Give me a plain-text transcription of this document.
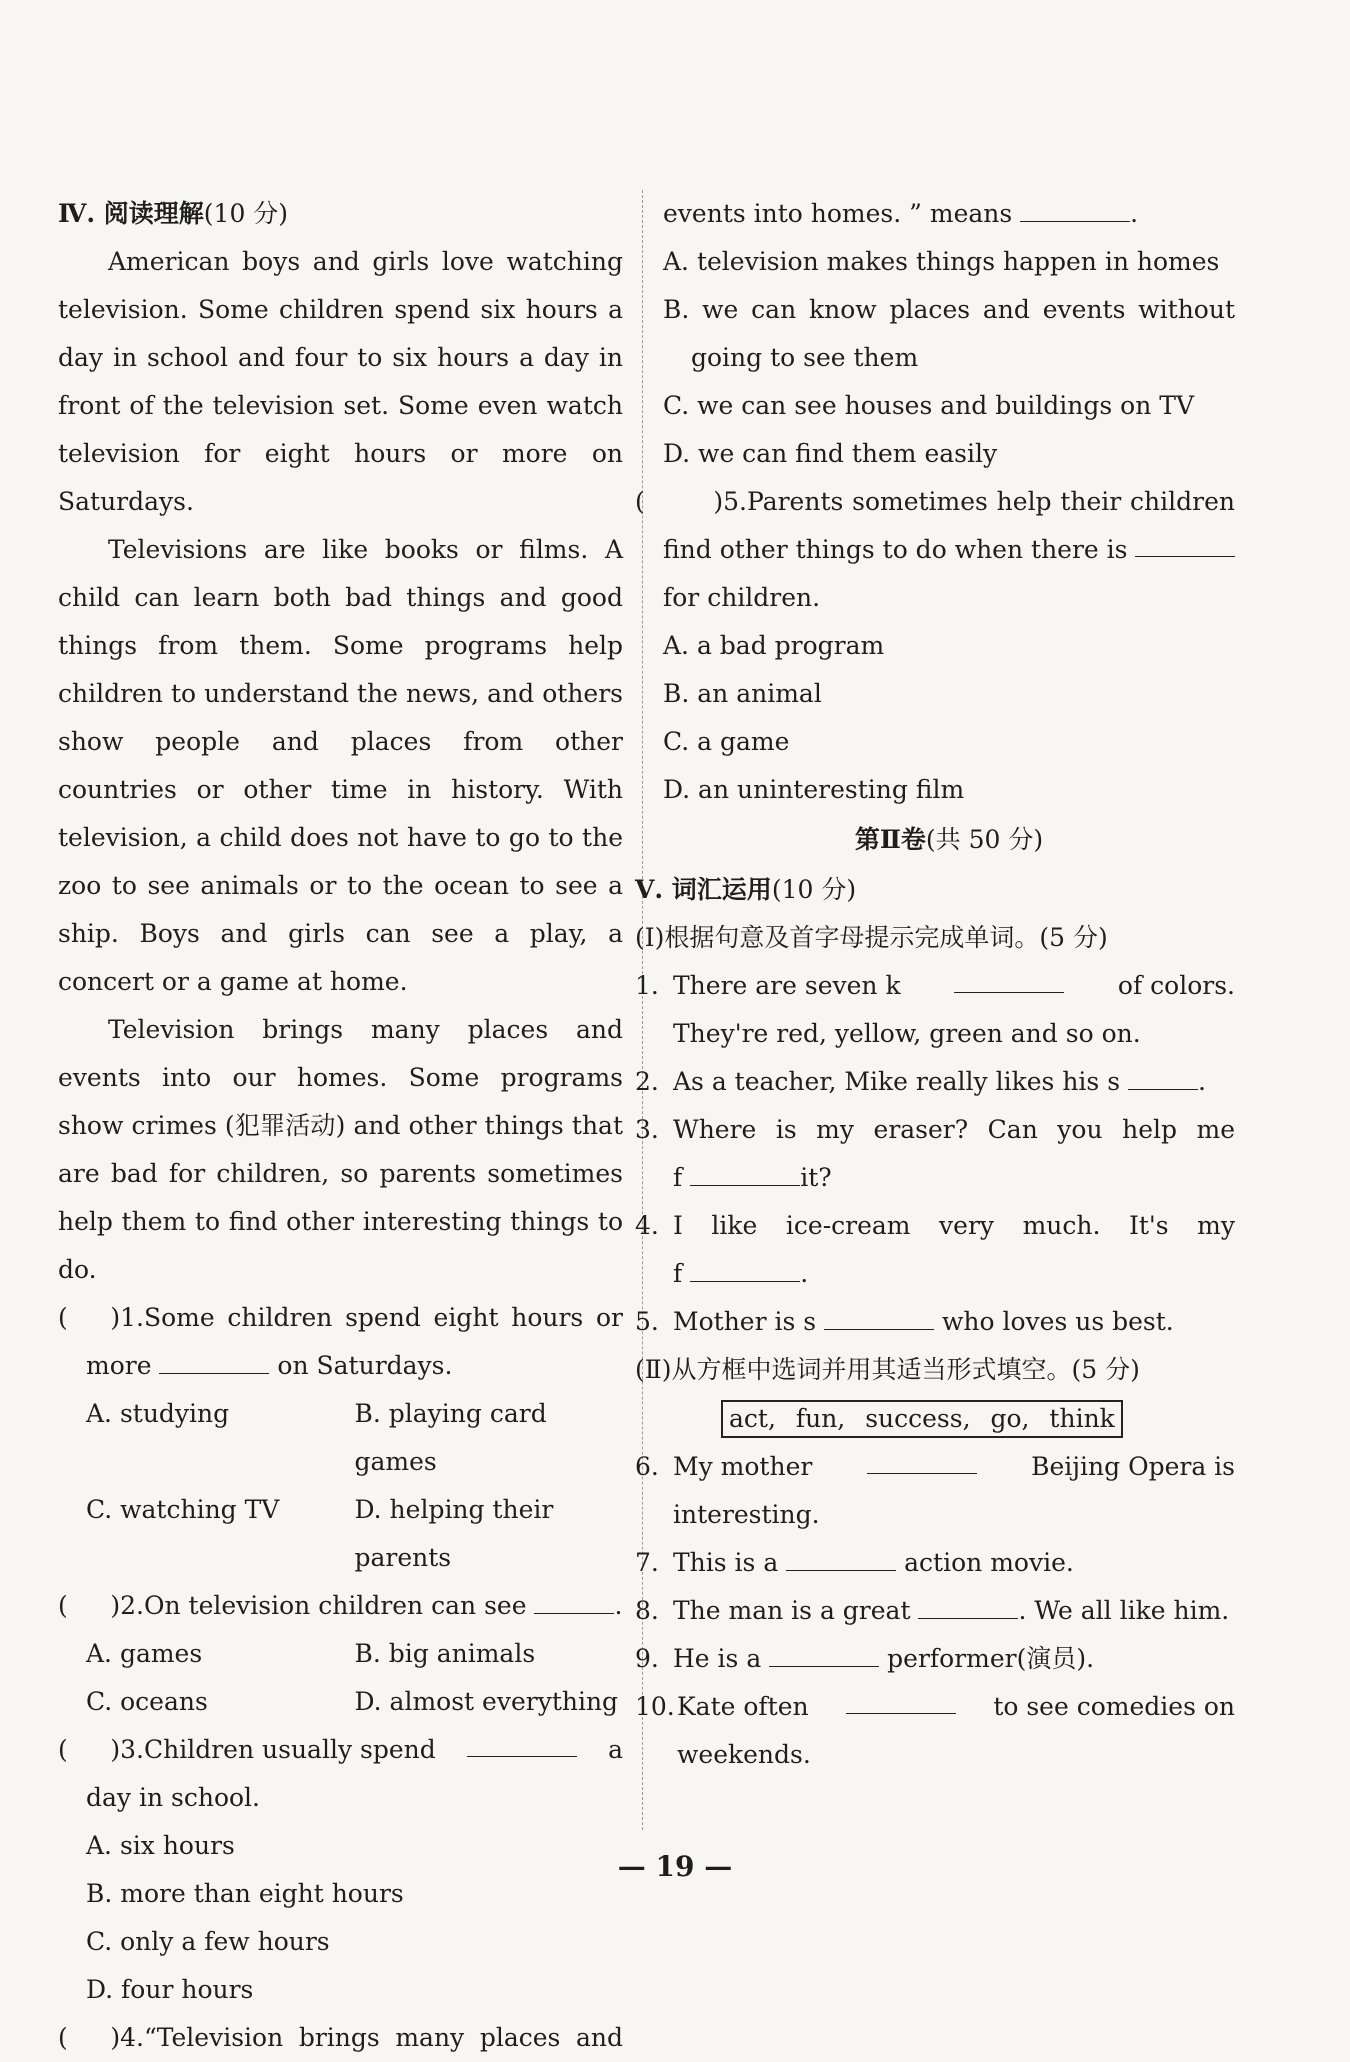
Ⅳ. 阅读理解(10 分)

American boys and girls love watching television. Some children spend six hours a day in school and four to six hours a day in front of the television set. Some even watch television for eight hours or more on Saturdays.

Televisions are like books or films. A child can learn both bad things and good things from them. Some programs help children to understand the news, and others show people and places from other countries or other time in history. With television, a child does not have to go to the zoo to see animals or to the ocean to see a ship. Boys and girls can see a play, a concert or a game at home.

Television brings many places and events into our homes. Some programs show crimes (犯罪活动) and other things that are bad for children, so parents sometimes help them to find other interesting things to do.

( )1. Some children spend eight hours or

more	on Saturdays.

A. studying	B. playing card games
C. watching TV	D. helping their parents
( )2. On television children can see	.
A. games	B. big animals
C. oceans	D. almost everything
( )3. Children usually spend	a

day in school.

A. six hours

B. more than eight hours

C. only a few hours

D. four hours

( )4. “Television brings many places and

events into homes. ” means	.

A. television makes things happen in homes

B. we can know places and events without

going to see them

C. we can see houses and buildings on TV

D. we can find them easily

(	)5. Parents sometimes help their children

find other things to do when there is

for children.

A. a bad program

B. an animal

C. a game

D. an uninteresting film

第Ⅱ卷(共 50 分)

Ⅴ. 词汇运用(10 分)

(Ⅰ)根据句意及首字母提示完成单词。(5 分)

1. There are seven k	of colors.

They're red, yellow, green and so on.

2. As a teacher, Mike really likes his s	.
3. Where is my eraser? Can you help me

f	it?

4. I like ice-cream very much. It's my

f	.

5. Mother is s	who loves us best.

(Ⅱ)从方框中选词并用其适当形式填空。(5 分)

act, fun, success, go, think
6. My mother	Beijing Opera is

interesting.

7. This is a	action movie.
8. The man is a great	. We all like him.
9. He is a	performer(演员).
10. Kate often	to see comedies on

weekends.

— 19 —
